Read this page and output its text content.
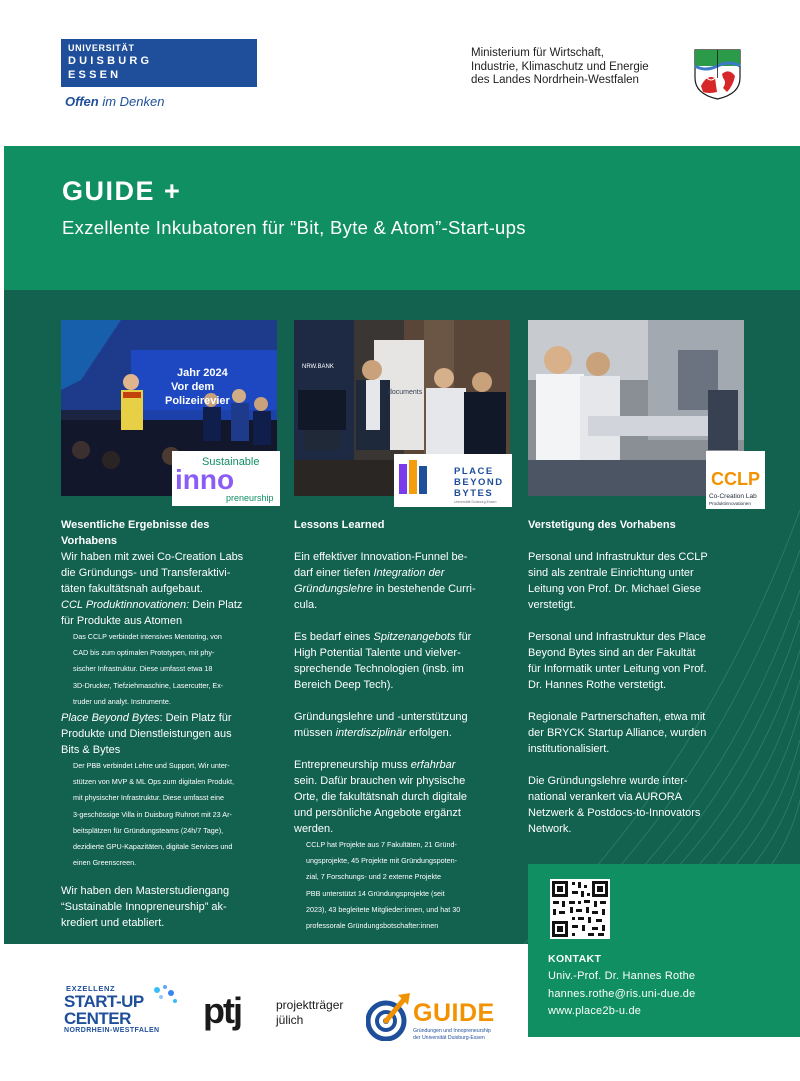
UNIVERSITÄT
DUISBURG
ESSEN
Offen im Denken
Ministerium für Wirtschaft,
Industrie, Klimaschutz und Energie
des Landes Nordrhein-Westfalen
GUIDE +
Exzellente Inkubatoren für “Bit, Byte & Atom”-Start-ups
Jahr 2024
Vor dem
Polizeirevier
Sustainable
inno
preneurship
NRW.BANK
documents
PLACE
BEYOND
BYTES
Universität Duisburg-Essen
CCLP
Co-Creation Lab
Produktinnovationen
Wesentliche Ergebnisse des
Vorhabens

Wir haben mit zwei Co-Creation Labs

die Gründungs- und Transferaktivi-

täten fakultätsnah aufgebaut.

CCL Produktinnovationen: Dein Platz

für Produkte aus Atomen

Das CCLP verbindet intensives Mentoring, von

CAD bis zum optimalen Prototypen, mit phy-

sischer Infrastruktur. Diese umfasst etwa 18

3D-Drucker, Tiefziehmaschine, Lasercutter, Ex-

truder und analyt. Instrumente.

Place Beyond Bytes: Dein Platz für

Produkte und Dienstleistungen aus

Bits & Bytes

Der PBB verbindet Lehre und Support, Wir unter-

stützen von MVP & ML Ops zum digitalen Produkt,

mit physischer Infrastruktur. Diese umfasst eine

3-geschössige Villa in Duisburg Ruhrort mit 23 Ar-

beitsplätzen für Gründungsteams (24h/7 Tage),

dezidierte GPU-Kapazitäten, digitale Services und

einen Greenscreen.

Wir haben den Masterstudiengang

“Sustainable Innopreneurship” ak-

krediert und etabliert.

Lessons Learned

Ein effektiver Innovation-Funnel be-

darf einer tiefen Integration der

Gründungslehre in bestehende Curri-

cula.

Es bedarf eines Spitzenangebots für

High Potential Talente und vielver-

sprechende Technologien (insb. im

Bereich Deep Tech).

Gründungslehre und -unterstützung

müssen interdisziplinär erfolgen.

Entrepreneurship muss erfahrbar

sein. Dafür brauchen wir physische

Orte, die fakultätsnah durch digitale

und persönliche Angebote ergänzt

werden.

CCLP hat Projekte aus 7 Fakultäten, 21 Gründ-

ungsprojekte, 45 Projekte mit Gründungspoten-

zial, 7 Forschungs- und 2 externe Projekte

PBB unterstützt 14 Gründungsprojekte (seit

2023), 43 begleitete Mitglieder:innen, und hat 30

professorale Gründungsbotschafter:innen

Verstetigung des Vorhabens

Personal und Infrastruktur des CCLP

sind als zentrale Einrichtung unter

Leitung von Prof. Dr. Michael Giese

verstetigt.

Personal und Infrastruktur des Place

Beyond Bytes sind an der Fakultät

für Informatik unter Leitung von Prof.

Dr. Hannes Rothe verstetigt.

Regionale Partnerschaften, etwa mit

der BRYCK Startup Alliance, wurden

institutionalisiert.

Die Gründungslehre wurde inter-

national verankert via AURORA

Netzwerk & Postdocs-to-Innovators

Network.

KONTAKT
Univ.-Prof. Dr. Hannes Rothe
hannes.rothe@ris.uni-due.de
www.place2b-u.de
EXZELLENZ
START-UP
CENTER
NORDRHEIN-WESTFALEN ptj	projektträger
jülich	GUIDE
Gründungen und Innopreneurship
der Universität Duisburg-Essen
